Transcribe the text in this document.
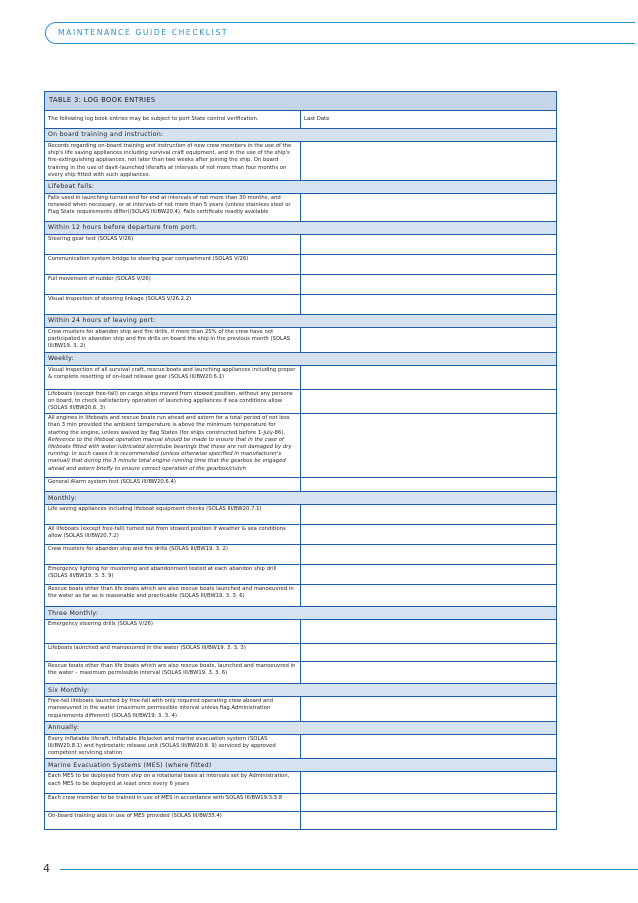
MAINTENANCE GUIDE CHECKLIST
TABLE 3: LOG BOOK ENTRIES	
The following log book entries may be subject to port State control verification.	Last Date
On board training and instruction:	
Records regarding on-board training and instruction of new crew members in the use of the ship's life saving appliances including survival craft equipment, and in the use of the ship's fire-extinguishing appliances, not later than two weeks after joining the ship. On board training in the use of davit-launched liferafts at intervals of not more than four months on every ship fitted with such appliances.	
Lifeboat falls:	
Falls used in launching turned end for end at intervals of not more than 30 months, and renewed when necessary, or at intervals of not more than 5 years (unless stainless steel or Flag State requirements differ)(SOLAS III/BW20.4). Falls certificate readily available	
Within 12 hours before departure from port:	
Steering gear test (SOLAS V/26)	
Communication system bridge to steering gear compartment (SOLAS V/26)	
Full movement of rudder (SOLAS V/26)	
Visual inspection of steering linkage (SOLAS V/26.2.2)	
Within 24 hours of leaving port:	
Crew musters for abandon ship and fire drills, if more than 25% of the crew have not participated in abandon ship and fire drills on board the ship in the previous month (SOLAS III/BW19. 3. 2)	
Weekly:	
Visual inspection of all survival craft, rescue boats and launching appliances including proper & complete resetting of on-load release gear (SOLAS III/BW20.6.1)	
Lifeboats (except free-fall) on cargo ships moved from stowed position, without any persons on board, to check satisfactory operation of launching appliances if sea conditions allow (SOLAS III/BW20.6. 3)	
All engines in lifeboats and rescue boats run ahead and astern for a total period of not less than 3 min provided the ambient temperature is above the minimum temperature for starting the engine, unless waived by flag States (for ships constructed before 1-July-86).
Reference to the lifeboat operation manual should be made to ensure that in the case of lifeboats fitted with water lubricated sterntube bearings that these are not damaged by dry running. In such cases it is recommended (unless otherwise specified in manufacturer's manual) that during the 3 minute total engine running time that the gearbox be engaged ahead and astern briefly to ensure correct operation of the gearbox/clutch	
General Alarm system test (SOLAS III/BW20.6.4)	
Monthly:	
Life saving appliances including lifeboat equipment checks (SOLAS III/BW20.7.1)	
All lifeboats (except free-fall) turned out from stowed position if weather & sea conditions allow (SOLAS III/BW20.7.2)	
Crew musters for abandon ship and fire drills (SOLAS III/BW19. 3. 2)	
Emergency lighting for mustering and abandonment tested at each abandon ship drill (SOLAS III/BW19. 3. 3. 9)	
Rescue boats other than life boats which are also rescue boats launched and manoeuvred in the water as far as is reasonable and practicable (SOLAS III/BW19. 3. 3. 6)	
Three Monthly:	
Emergency steering drills (SOLAS V/26)	
Lifeboats launched and manoeuvred in the water (SOLAS III/BW19. 3. 3. 3)	
Rescue boats other than life boats which are also rescue boats, launched and manoeuvred in the water – maximum permissible interval (SOLAS III/BW19. 3. 3. 6)	
Six Monthly:	
Free-fall lifeboats launched by free-fall with only required operating crew aboard and manoeuvred in the water (maximum permissible interval unless flag Administration requirements different) (SOLAS III/BW19. 3. 3. 4)	
Annually:	
Every inflatable liferaft, inflatable lifejacket and marine evacuation system (SOLAS III/BW20.8.1) and hydrostatic release unit (SOLAS III/BW20.8. 9) serviced by approved competent servicing station	
Marine Evacuation Systems (MES) (where fitted)	
Each MES to be deployed from ship on a rotational basis at intervals set by Administration, each MES to be deployed at least once every 6 years	
Each crew member to be trained in use of MES in accordance with SOLAS III/BW19.3.3.8	
On-board training aids in use of MES provided (SOLAS III/BW35.4)	
4
